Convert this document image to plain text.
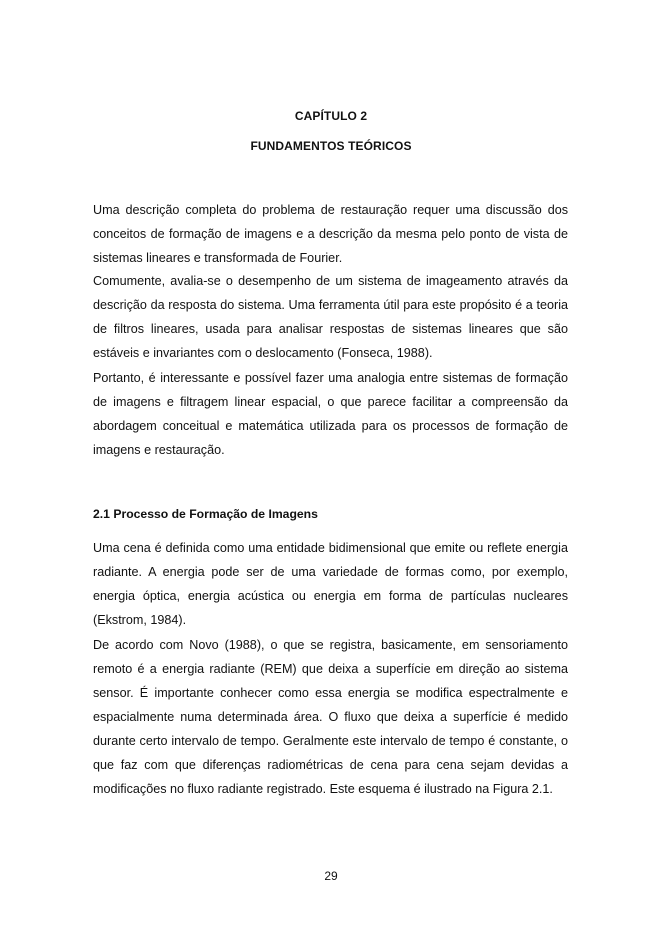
CAPÍTULO 2
FUNDAMENTOS TEÓRICOS

Uma descrição completa do problema de restauração requer uma discussão dos conceitos de formação de imagens e a descrição da mesma pelo ponto de vista de sistemas lineares e transformada de Fourier.

Comumente, avalia-se o desempenho de um sistema de imageamento através da descrição da resposta do sistema. Uma ferramenta útil para este propósito é a teoria de filtros lineares, usada para analisar respostas de sistemas lineares que são estáveis e invariantes com o deslocamento (Fonseca, 1988).

Portanto, é interessante e possível fazer uma analogia entre sistemas de formação de imagens e filtragem linear espacial, o que parece facilitar a compreensão da abordagem conceitual e matemática utilizada para os processos de formação de imagens e restauração.

2.1 Processo de Formação de Imagens

Uma cena é definida como uma entidade bidimensional que emite ou reflete energia radiante. A energia pode ser de uma variedade de formas como, por exemplo, energia óptica, energia acústica ou energia em forma de partículas nucleares (Ekstrom, 1984).

De acordo com Novo (1988), o que se registra, basicamente, em sensoriamento remoto é a energia radiante (REM) que deixa a superfície em direção ao sistema sensor. É importante conhecer como essa energia se modifica espectralmente e espacialmente numa determinada área. O fluxo que deixa a superfície é medido durante certo intervalo de tempo. Geralmente este intervalo de tempo é constante, o que faz com que diferenças radiométricas de cena para cena sejam devidas a modificações no fluxo radiante registrado. Este esquema é ilustrado na Figura 2.1.

29
